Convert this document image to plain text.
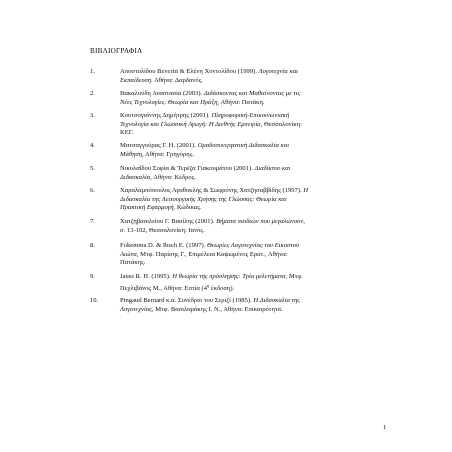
ΒΙΒΛΙΟΓΡΑΦΙΑ
1.	Αποστολίδου Βενετία & Ελένη Χοντολίδου (1999). Λογοτεχνία και
Εκπαίδευση. Αθήνα: Δαρδανός.
2.	Βακαλούδη Αναστασία (2003). Διδάσκοντας και Μαθαίνοντας με τις
Νέες Τεχνολογίες. Θεωρία και Πράξη, Αθήνα: Πατάκη.
3.	Κουτσογιάννης Δημήτρης (2001). Πληροφορική-Επικοινωνιακή
Τεχνολογία και Γλωσσική Αγωγή: Η Διεθνής Εμπειρία, Θεσσαλονίκη:
ΚΕΓ.
4.	Ματσαγγούρας Γ. Η. (2001). Ομαδοσυνεργατική Διδασκαλία και
Μάθηση, Αθήνα: Γρηγόρης.
5.	Νικολαΐδου Σοφία & Τερέζα Γιακουμάτου (2001). Διαδίκτυο και
Διδασκαλία, Αθήνα: Κέδρος.
6.	Χαραλαμπόπουλος Αγαθοκλής & Σωφρόνης Χατζησαββίδης (1997). Η
Διδασκαλία της Λειτουργικής Χρήσης της Γλώσσας: Θεωρία και
Πρακτική Εφαρμογή, Κώδικας.
7.	Χατζηβασιλείου Γ. Βασίλης (2001). Βήματα παιδιών που μεγαλώνουν,
σ. 13-102, Θεσσαλονίκη: Ιανός.
8.	Fokemma D. & Ibsch E. (1997). Θεωρίες Λογοτεχνίας του Εικοστού
Αιώνα, Μτφ. Παρίσης Γ., Επιμέλεια Καψωμένος Ερατ., Αθήνα:
Πατάκης.
9.	Jauss R. H. (1995). Η θεωρία της πρόσληψης: Τρία μελετήματα, Μτφ.
Πεχλιβάνος Μ., Αθήνα: Εστία ($4^\eta$ έκδοση).
10.	Pingaud Bernard κ.ά. Συνέδριο του Σεριζί (1985). Η Διδασκαλία της
Λογοτεχνίας, Μτφ. Βασιλαράκης Ι. Ν., Αθήνα: Επικαιρότητα.
1
